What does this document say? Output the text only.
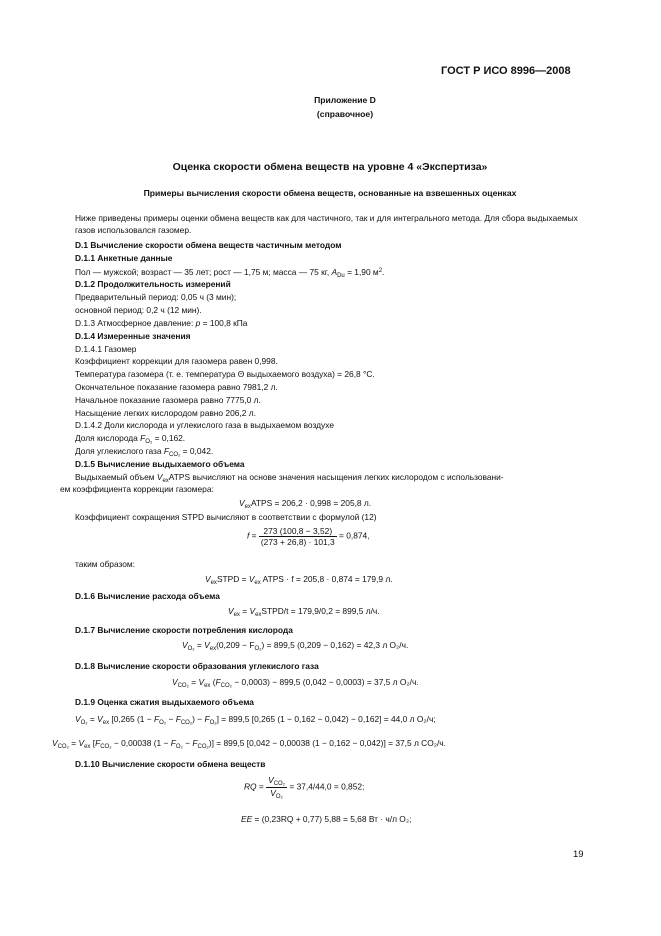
ГОСТ Р ИСО 8996—2008
Приложение D
(справочное)
Оценка скорости обмена веществ на уровне 4 «Экспертиза»
Примеры вычисления скорости обмена веществ, основанные на взвешенных оценках
Ниже приведены примеры оценки обмена веществ как для частичного, так и для интегрального метода. Для сбора выдыхаемых газов использовался газомер.
D.1 Вычисление скорости обмена веществ частичным методом
D.1.1 Анкетные данные
Пол — мужской; возраст — 35 лет; рост — 1,75 м; масса — 75 кг, $A_{Du} = 1,90$ $м^2$.
D.1.2 Продолжительность измерений
Предварительный период: 0,05 ч (3 мин);
основной период: 0,2 ч (12 мин).
D.1.3 Атмосферное давление: p = 100,8 кПа
D.1.4 Измеренные значения
D.1.4.1 Газомер
Коэффициент коррекции для газомера равен 0,998.
Температура газомера (т. е. температура Θ выдыхаемого воздуха) = 26,8 °С.
Окончательное показание газомера равно 7981,2 л.
Начальное показание газомера равно 7775,0 л.
Насыщение легких кислородом равно 206,2 л.
D.1.4.2 Доли кислорода и углекислого газа в выдыхаемом воздухе
Доля кислорода $F_{O_2} = 0,162$.
Доля углекислого газа $F_{CO_2} = 0,042$.
D.1.5 Вычисление выдыхаемого объема
Выдыхаемый объем $V_{ex}ATPS$ вычисляют на основе значения насыщения легких кислородом с использовани-
ем коэффициента коррекции газомера:
$V_{ex}ATPS = 206,2 \cdot 0,998 = 205,8$ л.
Коэффициент сокращения STPD вычисляют в соответствии с формулой (12)
$f = \frac{273 (100,8 - 3,52)}{(273 + 26,8) \cdot 101,3} = 0,874$,
таким образом:
$V_{ex}STPD = V_{ex}$ ATPS · f = 205,8 · 0,874 = 179,9 л.
D.1.6 Вычисление расхода объема
$V_{ex}$ = $V_{ex}STPD/t = 179,9/0,2 = 899,5$ л/ч.
D.1.7 Вычисление скорости потребления кислорода
$V_{O_2} = V_{ex}(0,209 - F_{O_2}) = 899,5$ (0,209 − 0,162) = 42,3 л O₂/ч.
D.1.8 Вычисление скорости образования углекислого газа
$V_{CO_2} = V_{ex}$ $(F_{CO_2} - 0,0003) - 899,5$ (0,042 − 0,0003) = 37,5 л O₂/ч.
D.1.9 Оценка сжатия выдыхаемого объема
$V_{O_2} = V_{ex}$ [0,265 $(1 - F_{O_2} - F_{CO_2}) - F_{O_2}] = 899,5$ [0,265 (1 − 0,162 − 0,042) − 0,162] = 44,0 л O₂/ч;
$V_{CO_2} = V_{ex}$ [$F_{CO_2} - 0,00038$ $(1 - F_{O_2} - F_{CO_2})] = 899,5$ [0,042 − 0,00038 (1 − 0,162 − 0,042)] = 37,5 л CO₂/ч.
D.1.10 Вычисление скорости обмена веществ
RQ = $\frac{V_{CO_2}}{V_{O_2}} = 37,4/44,0 = 0,852$;
EE = (0,23RQ + 0,77) 5,88 = 5,68 Вт · ч/л O₂;
19
